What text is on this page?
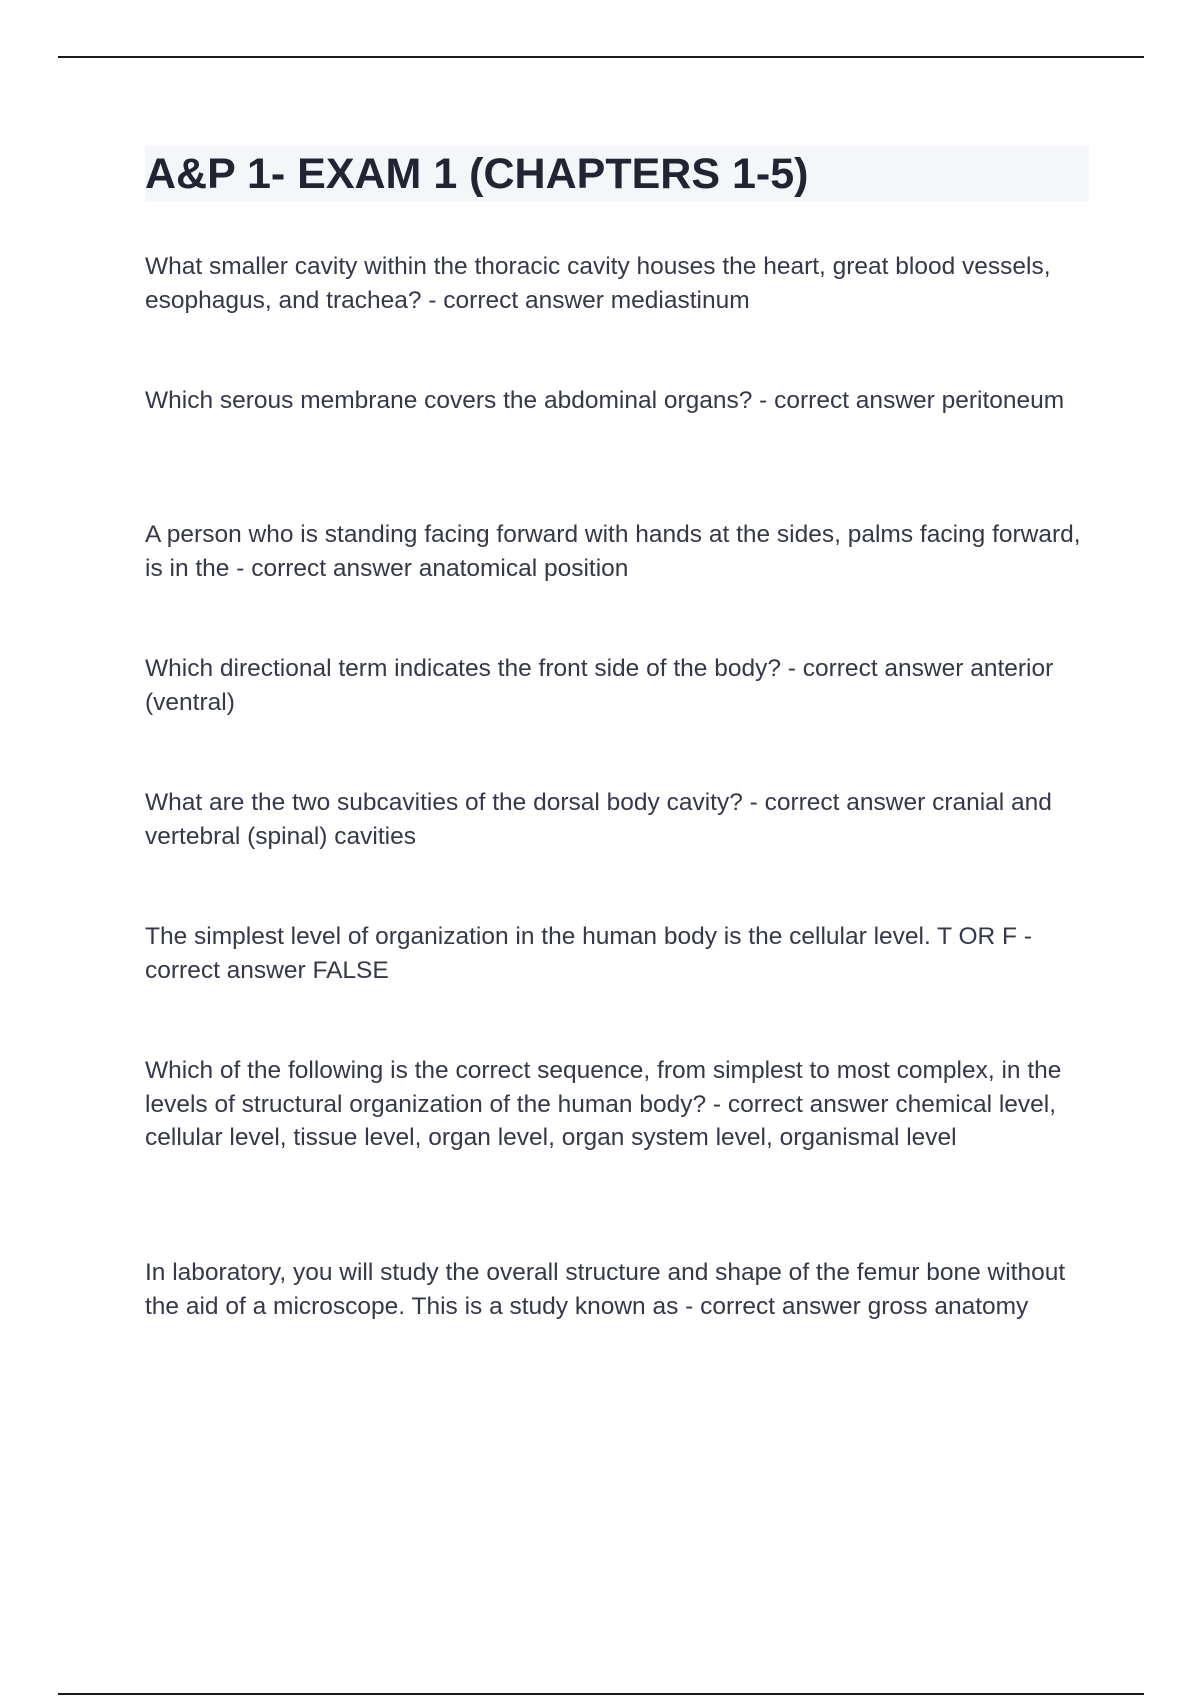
A&P 1- EXAM 1 (CHAPTERS 1-5)

What smaller cavity within the thoracic cavity houses the heart, great blood vessels, esophagus, and trachea? - correct answer mediastinum

Which serous membrane covers the abdominal organs? - correct answer peritoneum

A person who is standing facing forward with hands at the sides, palms facing forward, is in the - correct answer anatomical position

Which directional term indicates the front side of the body? - correct answer anterior (ventral)

What are the two subcavities of the dorsal body cavity? - correct answer cranial and vertebral (spinal) cavities

The simplest level of organization in the human body is the cellular level. T OR F - correct answer FALSE

Which of the following is the correct sequence, from simplest to most complex, in the levels of structural organization of the human body? - correct answer chemical level, cellular level, tissue level, organ level, organ system level, organismal level

In laboratory, you will study the overall structure and shape of the femur bone without the aid of a microscope. This is a study known as - correct answer gross anatomy
